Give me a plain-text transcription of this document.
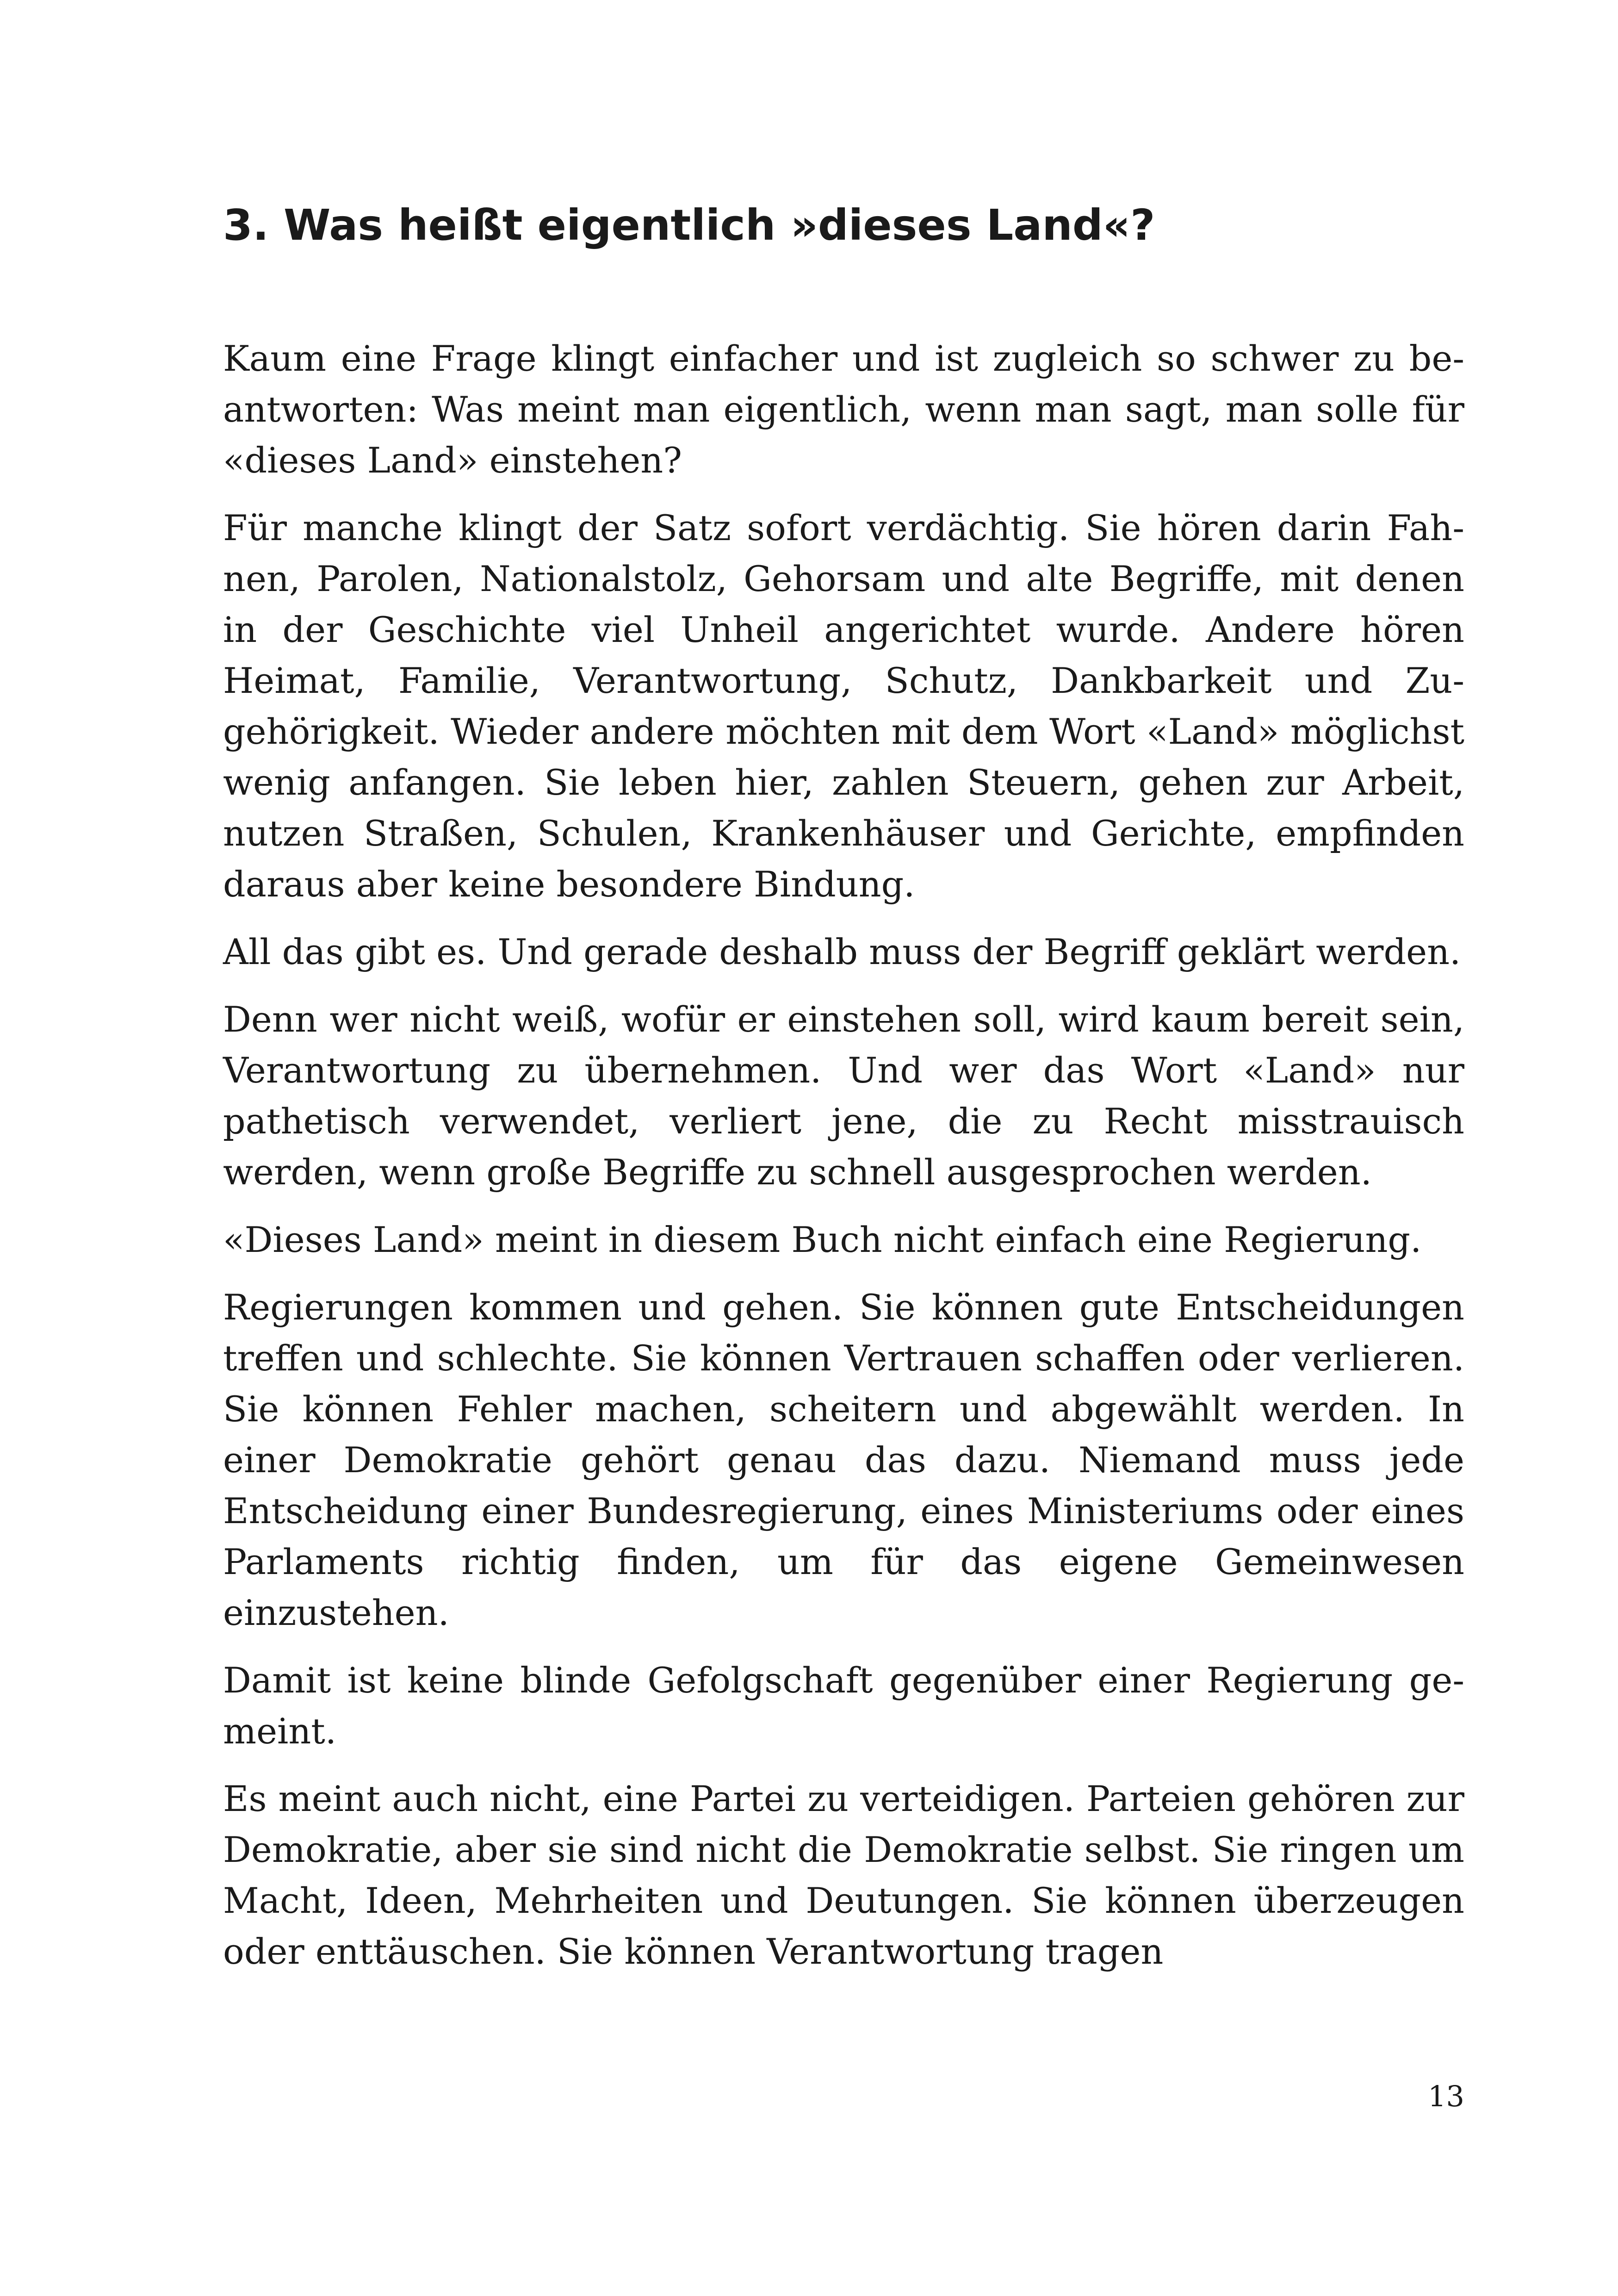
3. Was heißt eigentlich »dieses Land«?

Kaum eine Frage klingt einfacher und ist zugleich so schwer zu beantworten: Was meint man eigentlich, wenn man sagt, man solle für «dieses Land» einstehen?

Für manche klingt der Satz sofort verdächtig. Sie hören darin Fahnen, Parolen, Nationalstolz, Gehorsam und alte Begriffe, mit denen in der Geschichte viel Unheil angerichtet wurde. Andere hören Heimat, Familie, Verantwortung, Schutz, Dankbarkeit und Zugehörigkeit. Wieder andere möchten mit dem Wort «Land» möglichst wenig anfangen. Sie leben hier, zahlen Steuern, gehen zur Arbeit, nutzen Straßen, Schulen, Krankenhäuser und Gerichte, empfinden daraus aber keine besondere Bindung.

All das gibt es. Und gerade deshalb muss der Begriff geklärt werden.

Denn wer nicht weiß, wofür er einstehen soll, wird kaum bereit sein, Verantwortung zu übernehmen. Und wer das Wort «Land» nur pathetisch verwendet, verliert jene, die zu Recht misstrauisch werden, wenn große Begriffe zu schnell ausgesprochen werden.

«Dieses Land» meint in diesem Buch nicht einfach eine Regierung.

Regierungen kommen und gehen. Sie können gute Entscheidungen treffen und schlechte. Sie können Vertrauen schaffen oder verlieren. Sie können Fehler machen, scheitern und abgewählt werden. In einer Demokratie gehört genau das dazu. Niemand muss jede Entscheidung einer Bundesregierung, eines Ministeriums oder eines Parlaments richtig finden, um für das eigene Gemeinwesen einzustehen.

Damit ist keine blinde Gefolgschaft gegenüber einer Regierung gemeint.

Es meint auch nicht, eine Partei zu verteidigen. Parteien gehören zur Demokratie, aber sie sind nicht die Demokratie selbst. Sie ringen um Macht, Ideen, Mehrheiten und Deutungen. Sie können überzeugen oder enttäuschen. Sie können Verantwortung tragen

13
